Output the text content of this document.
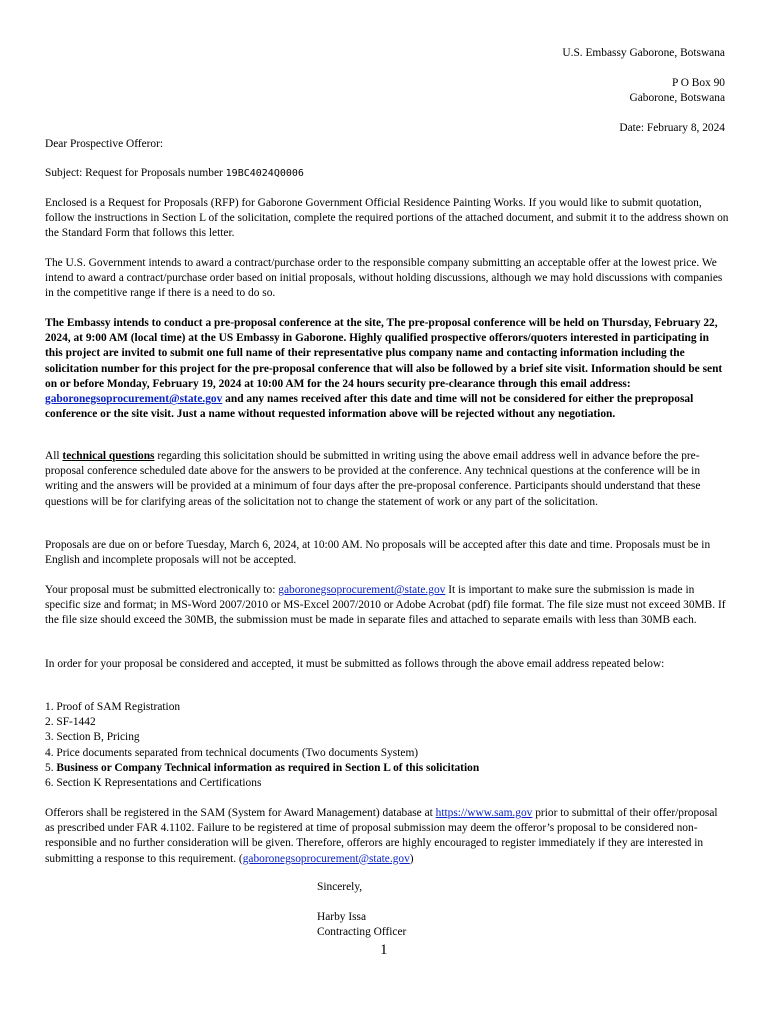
U.S. Embassy Gaborone, Botswana
P O Box 90
Gaborone, Botswana
Date: February 8, 2024

Dear Prospective Offeror:

Subject: Request for Proposals number 19BC4024Q0006

Enclosed is a Request for Proposals (RFP) for Gaborone Government Official Residence Painting Works. If you would like to submit quotation, follow the instructions in Section L of the solicitation, complete the required portions of the attached document, and submit it to the address shown on the Standard Form that follows this letter.

The U.S. Government intends to award a contract/purchase order to the responsible company submitting an acceptable offer at the lowest price. We intend to award a contract/purchase order based on initial proposals, without holding discussions, although we may hold discussions with companies in the competitive range if there is a need to do so.

The Embassy intends to conduct a pre-proposal conference at the site, The pre-proposal conference will be held on Thursday, February 22, 2024, at 9:00 AM (local time) at the US Embassy in Gaborone. Highly qualified prospective offerors/quoters interested in participating in this project are invited to submit one full name of their representative plus company name and contacting information including the solicitation number for this project for the pre-proposal conference that will also be followed by a brief site visit. Information should be sent on or before Monday, February 19, 2024 at 10:00 AM for the 24 hours security pre-clearance through this email address: gaboronegsoprocurement@state.gov and any names received after this date and time will not be considered for either the preproposal conference or the site visit. Just a name without requested information above will be rejected without any negotiation.

All technical questions regarding this solicitation should be submitted in writing using the above email address well in advance before the pre-proposal conference scheduled date above for the answers to be provided at the conference. Any technical questions at the conference will be in writing and the answers will be provided at a minimum of four days after the pre-proposal conference. Participants should understand that these questions will be for clarifying areas of the solicitation not to change the statement of work or any part of the solicitation.

Proposals are due on or before Tuesday, March 6, 2024, at 10:00 AM. No proposals will be accepted after this date and time. Proposals must be in English and incomplete proposals will not be accepted.

Your proposal must be submitted electronically to: gaboronegsoprocurement@state.gov It is important to make sure the submission is made in specific size and format; in MS-Word 2007/2010 or MS-Excel 2007/2010 or Adobe Acrobat (pdf) file format. The file size must not exceed 30MB. If the file size should exceed the 30MB, the submission must be made in separate files and attached to separate emails with less than 30MB each.

In order for your proposal be considered and accepted, it must be submitted as follows through the above email address repeated below:

1. Proof of SAM Registration
2. SF-1442
3. Section B, Pricing
4. Price documents separated from technical documents (Two documents System)
5. Business or Company Technical information as required in Section L of this solicitation
6. Section K Representations and Certifications

Offerors shall be registered in the SAM (System for Award Management) database at https://www.sam.gov prior to submittal of their offer/proposal as prescribed under FAR 4.1102. Failure to be registered at time of proposal submission may deem the offeror’s proposal to be considered non-responsible and no further consideration will be given. Therefore, offerors are highly encouraged to register immediately if they are interested in submitting a response to this requirement. (gaboronegsoprocurement@state.gov)

Sincerely,
Harby Issa
Contracting Officer
1
